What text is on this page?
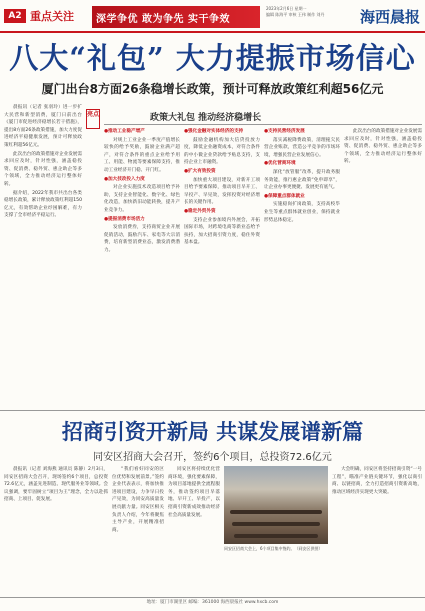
A2 重点关注 深学争优 敢为争先 实干争效
2023年2月6日 星期一
编辑 陈海平 审核 王伟 制作 刘丹	海西晨报
八大“礼包” 大力提振市场信心
厦门出台8方面26条稳增长政策，预计可释放政策红利超56亿元

晨报讯（记者 张羽玲）进一步扩大民营和新型消费，厦门日前出台《厦门市促进经济稳增长若干措施》，提出8方面26条政策措施，加大力度促进经济平稳健康发展，预计可释放政策红利超56亿元。

此次出台的政策措施对企业发展需求回应及时，针对性强，涵盖稳投资、促消费、稳外贸、惠企助企等多个领域，全力推动经济运行整体好转。

据介绍，2022年我市共出台各类稳增长政策，累计释放政策红利超150亿元，有效帮助企业纾困解难，有力支撑了全市经济平稳运行。

亮点	政策大礼包 推动经济稳增长

●推动工业稳产增产

对规上工业企业一季度产值增长较快的给予奖励，鼓励企业满产超产，对符合条件的重点企业给予用工、用能、物流等要素保障支持，推动工业经济开门稳、开门红。

●加大技改投入力度

对企业实施技术改造项目给予补助，支持企业智能化、数字化、绿色化改造，加快新旧动能转换，提升产业竞争力。

●提振消费市场活力

发放消费券，支持商贸企业开展促销活动，鼓励汽车、家电等大宗消费，培育新型消费业态，激发消费潜力。

●强化金融对实体经济的支持

鼓励金融机构加大信贷投放力度，降低企业融资成本，对符合条件的中小微企业贷款给予贴息支持，支持企业上市融资。

●扩大有效投资

加快重大项目建设，对新开工项目给予要素保障，推动项目早开工、早投产、早见效，发挥投资对经济增长的关键作用。

●稳定外贸外资

支持企业参加境内外展会，开拓国际市场，对跨境电商等新业态给予扶持，加大招商引资力度，稳住外资基本盘。

●支持民营经济发展

落实减税降费政策，清理拖欠民营企业账款，营造公平竞争的市场环境，增强民营企业发展信心。

●优化营商环境

深化“放管服”改革，提升政务服务效能，推行惠企政策“免申即享”，让企业办事更便捷、发展更有底气。

●保障重点群体就业

实施稳岗扩岗政策，支持高校毕业生等重点群体就业创业，保持就业形势总体稳定。

此次出台的政策措施对企业发展需求回应及时，针对性强，涵盖稳投资、促消费、稳外贸、惠企助企等多个领域，全力推动经济运行整体好转。

招商引资开新局 共谋发展谱新篇
同安区招商大会召开，签约6个项目，总投资72.6亿元

晨报讯（记者 刘海燕 通讯员 陈静）2月3日，同安区招商大会召开，现场签约6个项目，总投资72.6亿元，涵盖先进制造、现代服务业等领域。会议强调，要牢固树立“项目为王”理念，全力以赴抓招商、上项目、促发展。

“我们看好同安的区位优势和发展前景。”签约企业代表表示，将加快推进项目建设，力争早日投产见效，为同安高质量发展贡献力量。同安区相关负责人介绍，今年将聚焦主导产业，开展精准招商。

同安区将持续优化营商环境，强化要素保障，为项目落地提供全流程服务，推动签约项目早落地、早开工、早投产，以招商引资新成效推动经济社会高质量发展。

同安区招商大会上，6个项目集中签约。（同安区供图）

大会明确，同安区将坚持招商引资“一号工程”，瞄准产业链关键环节，强化以商引商、以链招商，全力打造招商引资新高地，推动区域经济实现更大突破。

地址：厦门市湖里区 邮编：361000 海西晨报社 www.hxcb.com
